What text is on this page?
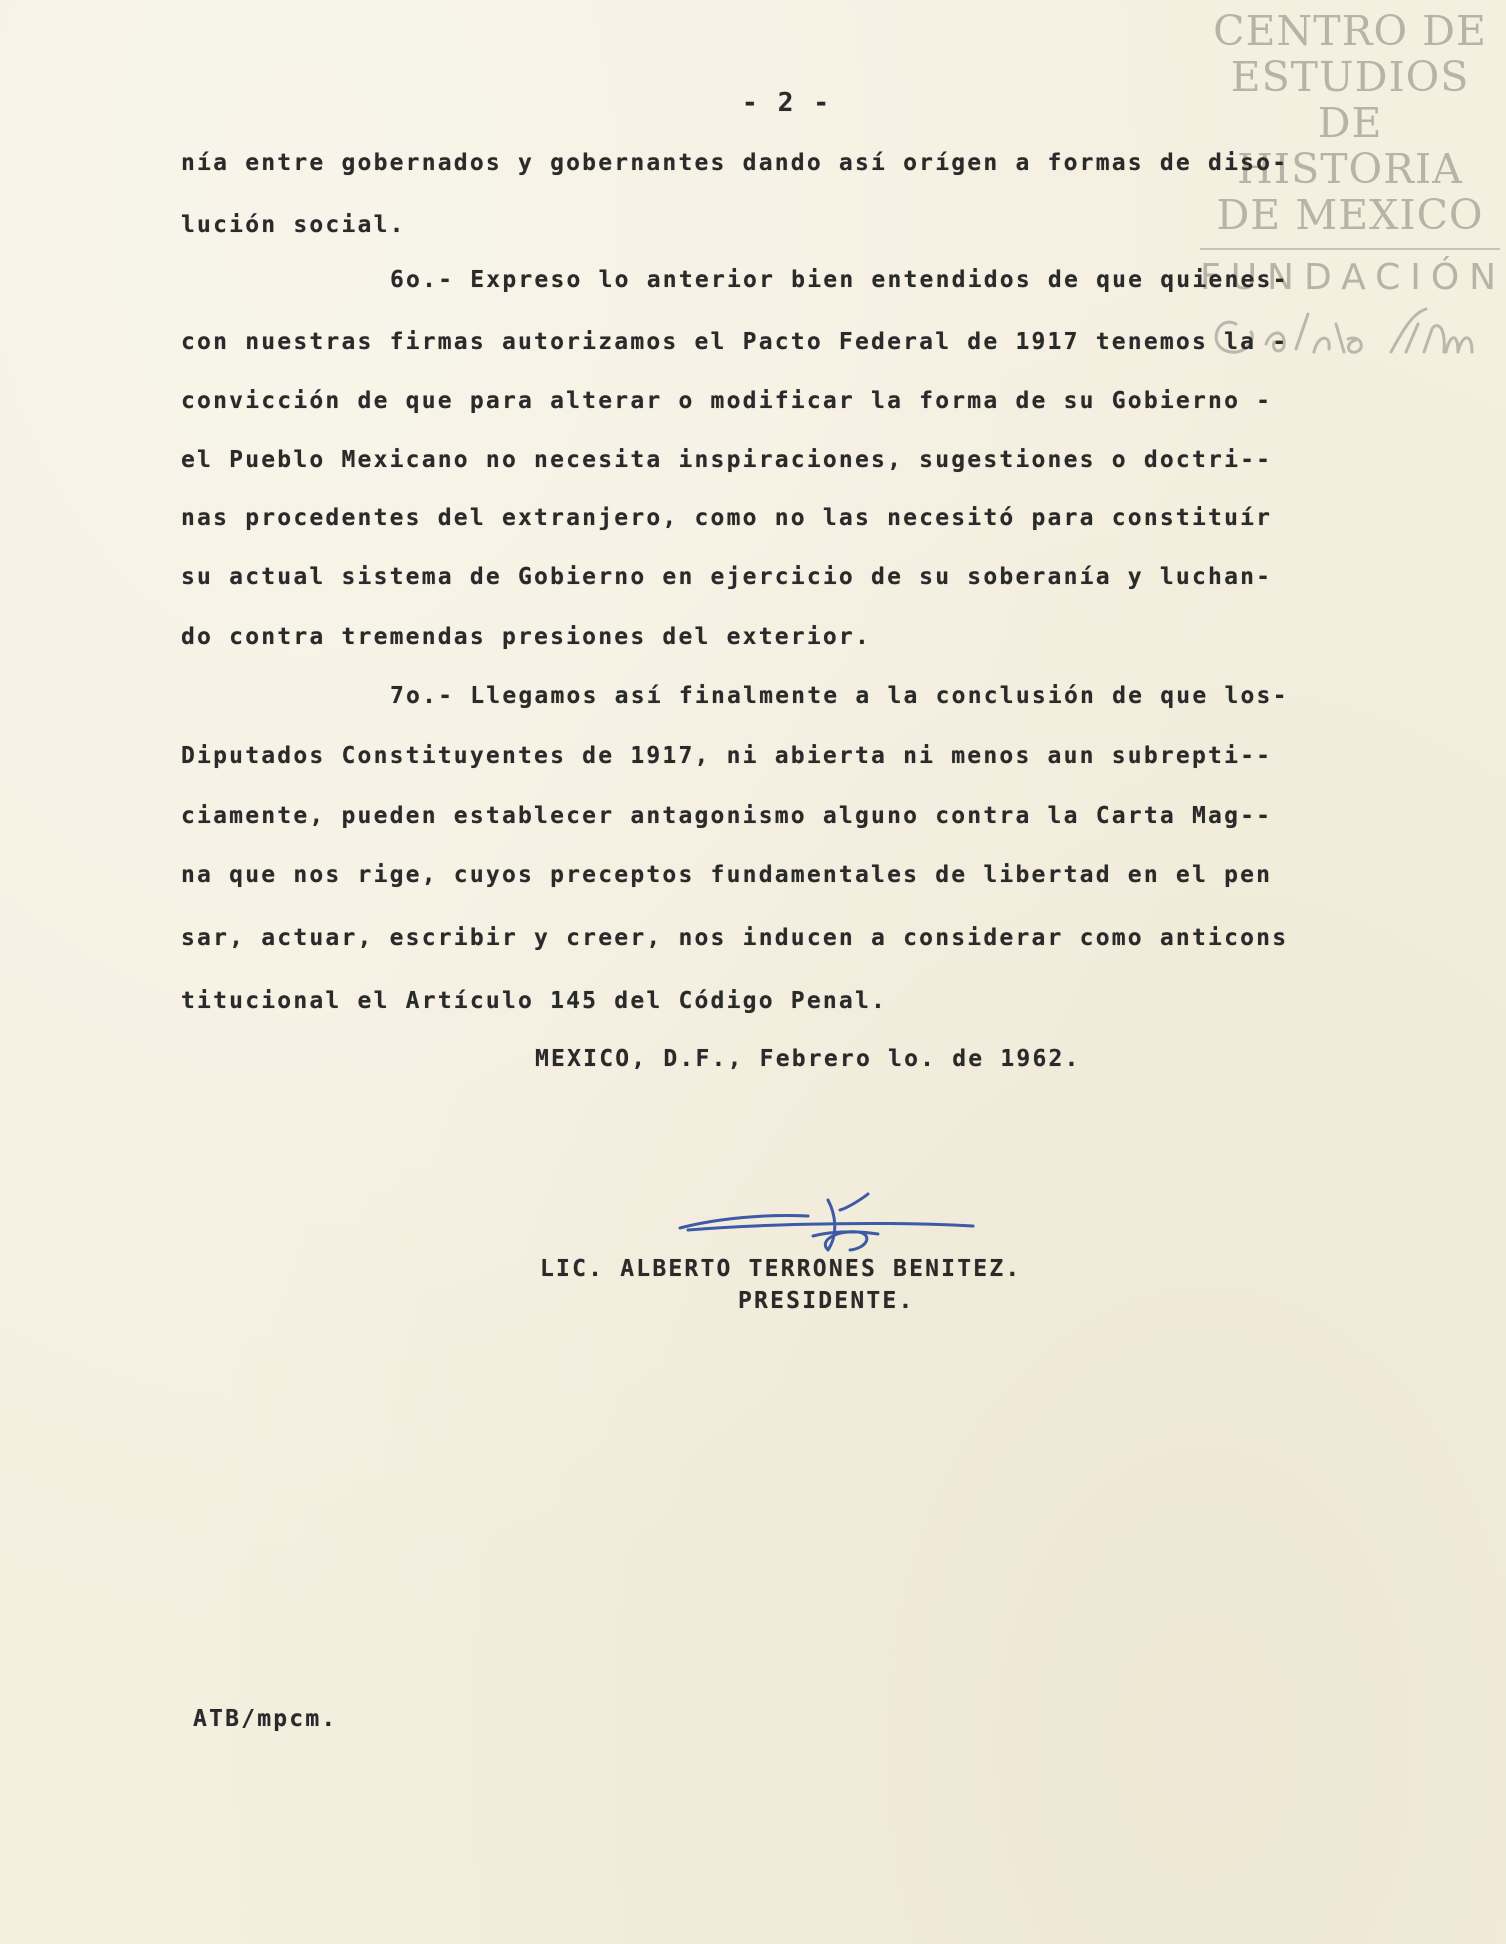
CENTRO DE
ESTUDIOS
DE HISTORIA
DE MEXICO
FUNDACIÓN
- 2 -
nía entre gobernados y gobernantes dando así orígen a formas de diso-
lución social.
6o.- Expreso lo anterior bien entendidos de que quienes-
con nuestras firmas autorizamos el Pacto Federal de 1917 tenemos la -
convicción de que para alterar o modificar la forma de su Gobierno -
el Pueblo Mexicano no necesita inspiraciones, sugestiones o doctri--
nas procedentes del extranjero, como no las necesitó para constituír
su actual sistema de Gobierno en ejercicio de su soberanía y luchan-
do contra tremendas presiones del exterior.
7o.- Llegamos así finalmente a la conclusión de que los-
Diputados Constituyentes de 1917, ni abierta ni menos aun subrepti--
ciamente, pueden establecer antagonismo alguno contra la Carta Mag--
na que nos rige, cuyos preceptos fundamentales de libertad en el pen
sar, actuar, escribir y creer, nos inducen a considerar como anticons
titucional el Artículo 145 del Código Penal.
MEXICO, D.F., Febrero lo. de 1962.
LIC. ALBERTO TERRONES BENITEZ.
PRESIDENTE.
ATB/mpcm.
